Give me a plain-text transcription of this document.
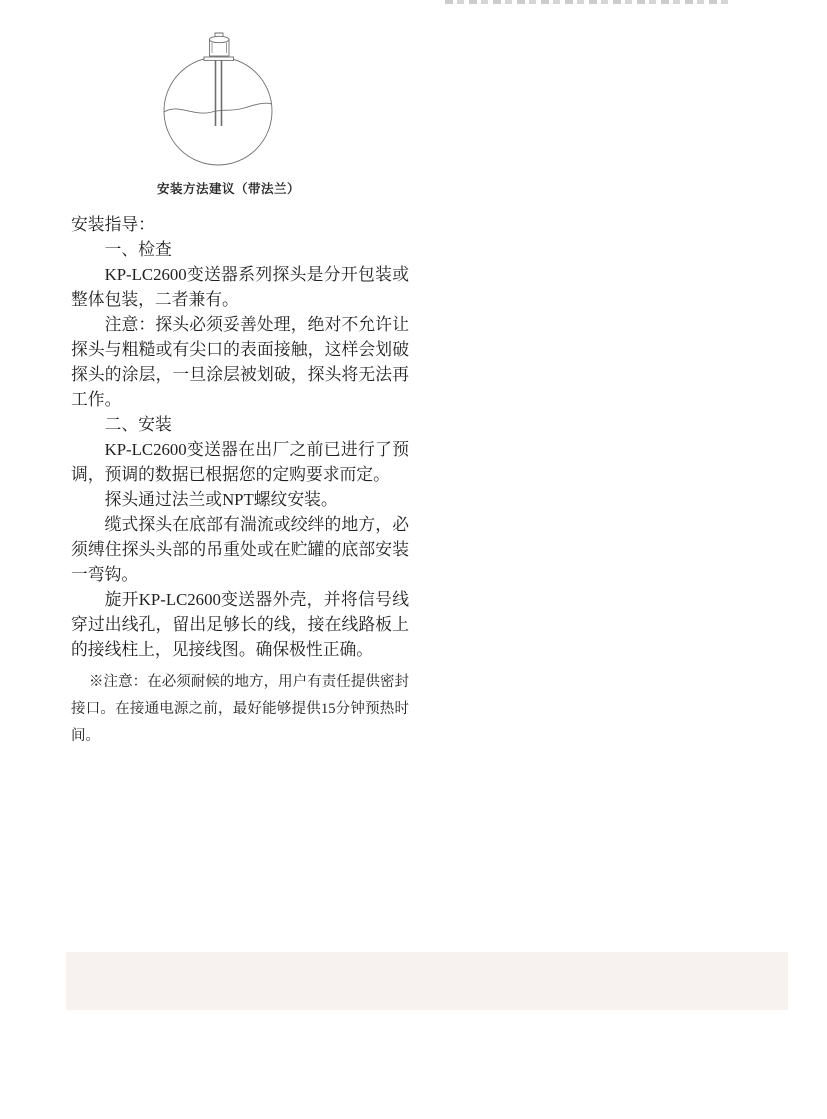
安装方法建议（带法兰）

安装指导：

一、检查

KP-LC2600变送器系列探头是分开包装或整体包装，二者兼有。

注意：探头必须妥善处理，绝对不允许让探头与粗糙或有尖口的表面接触，这样会划破探头的涂层，一旦涂层被划破，探头将无法再工作。

二、安装

KP-LC2600变送器在出厂之前已进行了预调，预调的数据已根据您的定购要求而定。

探头通过法兰或NPT螺纹安装。

缆式探头在底部有湍流或绞绊的地方，必须缚住探头头部的吊重处或在贮罐的底部安装一弯钩。

旋开KP-LC2600变送器外壳，并将信号线穿过出线孔，留出足够长的线，接在线路板上的接线柱上，见接线图。确保极性正确。

※注意：在必须耐候的地方，用户有责任提供密封接口。在接通电源之前，最好能够提供15分钟预热时间。
